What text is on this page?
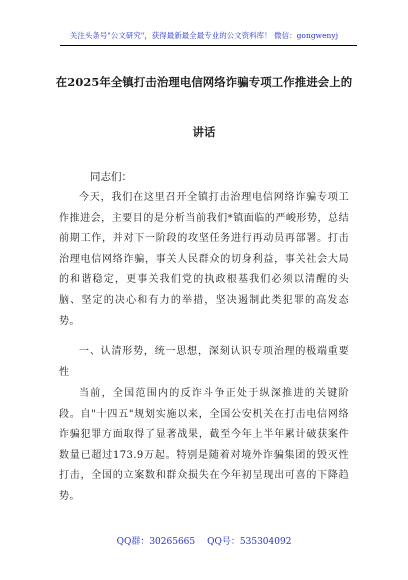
关注头条号"公文研究"，获得最新最全最专业的公文资料库！ 微信：gongwenyj
在2025年全镇打击治理电信网络诈骗专项工作推进会上的
讲话
同志们：
今天，我们在这里召开全镇打击治理电信网络诈骗专项工作推进会，主要目的是分析当前我们*镇面临的严峻形势，总结前期工作，并对下一阶段的攻坚任务进行再动员再部署。打击治理电信网络诈骗，事关人民群众的切身利益，事关社会大局的和谐稳定，更事关我们党的执政根基我们必须以清醒的头脑、坚定的决心和有力的举措，坚决遏制此类犯罪的高发态势。
一、认清形势，统一思想，深刻认识专项治理的极端重要性
当前，全国范围内的反诈斗争正处于纵深推进的关键阶段。自"十四五"规划实施以来，全国公安机关在打击电信网络诈骗犯罪方面取得了显著战果，截至今年上半年累计破获案件数量已超过173.9万起。特别是随着对境外诈骗集团的毁灭性打击，全国的立案数和群众损失在今年初呈现出可喜的下降趋势。
QQ群：30265665 QQ号：535304092
